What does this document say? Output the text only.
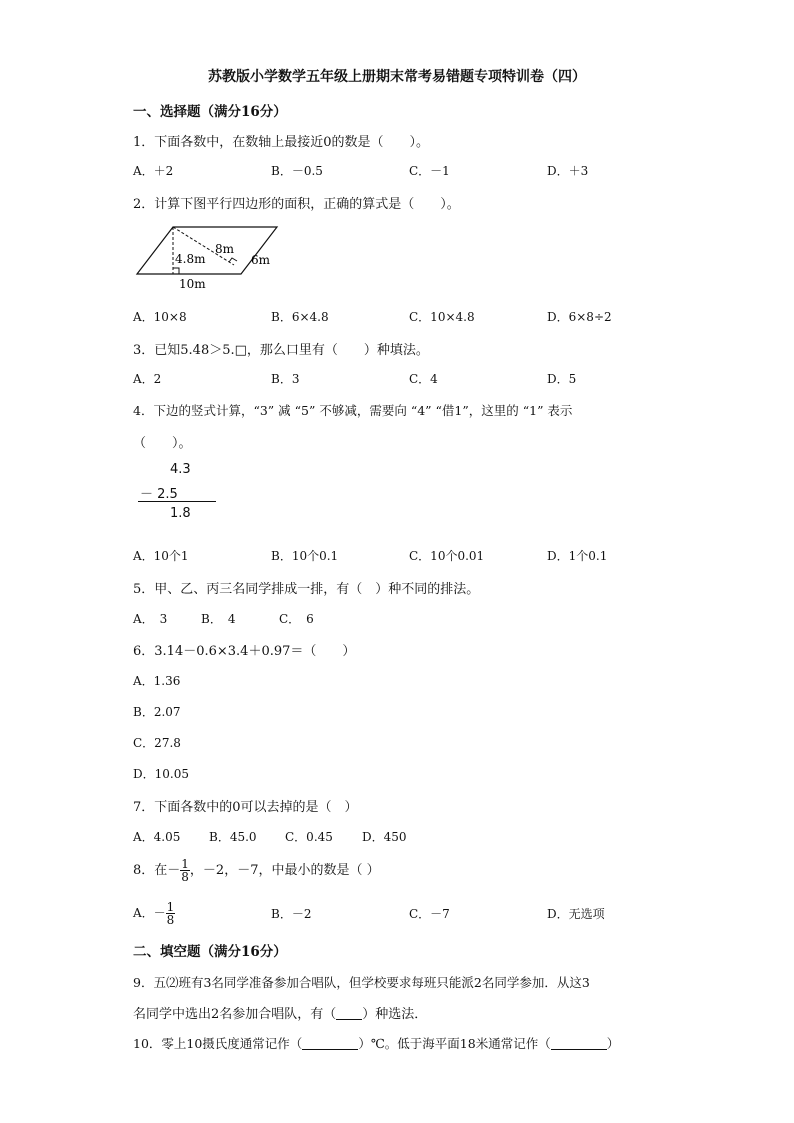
苏教版小学数学五年级上册期末常考易错题专项特训卷（四）
一、选择题（满分16分）
1．下面各数中，在数轴上最接近0的数是（　　）。
A．＋2	B．－0.5	C．－1	D．＋3
2．计算下图平行四边形的面积，正确的算式是（　　）。
4.8m
8m
6m
10m
A．10×8	B．6×4.8	C．10×4.8	D．6×8÷2
3．已知5.48＞5.□，那么口里有（　　）种填法。
A．2	B．3	C．4	D．5
4．下边的竖式计算，“3” 减 “5” 不够减，需要向 “4” “借1”，这里的 “1” 表示
（　　）。
4.3
－ 2.5
1.8
A．10个1	B．10个0.1	C．10个0.01	D．1个0.1
5．甲、乙、丙三名同学排成一排，有（　）种不同的排法。
A．　3	B．　4	C．　6
6．3.14－0.6×3.4＋0.97＝（　　）
A．1.36
B．2.07
C．27.8
D．10.05
7．下面各数中的0可以去掉的是（　）
A．4.05 B．45.0 C．0.45 D．450
8．在－ $\frac{1}{8}$ ，－2，－7，中最小的数是（ ）
A．－ $\frac{1}{8}$	B．－2	C．－7	D．无选项
二、填空题（满分16分）
9．五⑵班有3名同学准备参加合唱队，但学校要求每班只能派2名同学参加．从这3
名同学中选出2名参加合唱队，有（ ）种选法．
10．零上10摄氏度通常记作（	）℃。低于海平面18米通常记作（	）
